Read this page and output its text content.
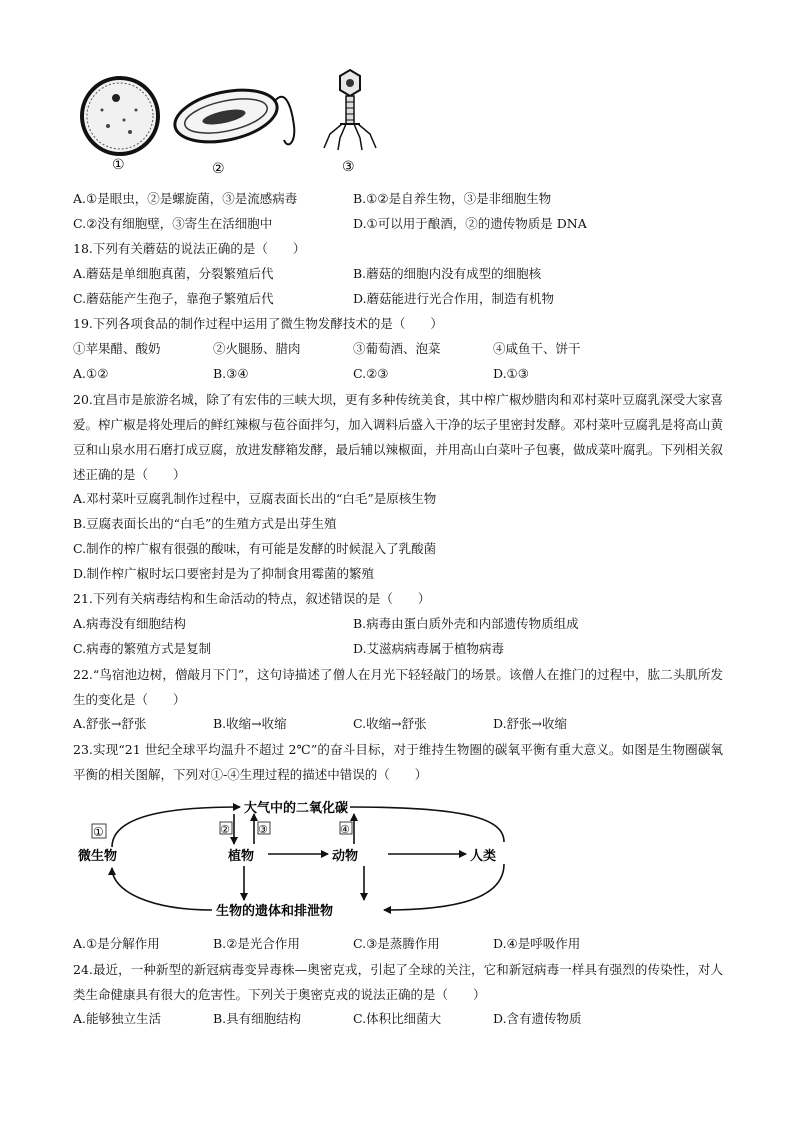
①	②	③
A.①是眼虫，②是螺旋菌，③是流感病毒	B.①②是自养生物，③是非细胞生物
C.②没有细胞壁，③寄生在活细胞中	D.①可以用于酿酒，②的遗传物质是 DNA
18.下列有关蘑菇的说法正确的是（　　）
A.蘑菇是单细胞真菌，分裂繁殖后代	B.蘑菇的细胞内没有成型的细胞核
C.蘑菇能产生孢子，靠孢子繁殖后代	D.蘑菇能进行光合作用，制造有机物
19.下列各项食品的制作过程中运用了微生物发酵技术的是（　　）
①苹果醋、酸奶	②火腿肠、腊肉	③葡萄酒、泡菜	④咸鱼干、饼干
A.①②	B.③④	C.②③	D.①③
20.宜昌市是旅游名城，除了有宏伟的三峡大坝，更有多种传统美食，其中榨广椒炒腊肉和邓村菜叶豆腐乳深受大家喜爱。榨广椒是将处理后的鲜红辣椒与苞谷面拌匀，加入调料后盛入干净的坛子里密封发酵。邓村菜叶豆腐乳是将高山黄豆和山泉水用石磨打成豆腐，放进发酵箱发酵，最后辅以辣椒面，并用高山白菜叶子包裹，做成菜叶腐乳。下列相关叙述正确的是（　　）
A.邓村菜叶豆腐乳制作过程中，豆腐表面长出的“白毛”是原核生物
B.豆腐表面长出的“白毛”的生殖方式是出芽生殖
C.制作的榨广椒有很强的酸味，有可能是发酵的时候混入了乳酸菌
D.制作榨广椒时坛口要密封是为了抑制食用霉菌的繁殖
21.下列有关病毒结构和生命活动的特点，叙述错误的是（　　）
A.病毒没有细胞结构	B.病毒由蛋白质外壳和内部遗传物质组成
C.病毒的繁殖方式是复制	D.艾滋病病毒属于植物病毒
22.“鸟宿池边树，僧敲月下门”，这句诗描述了僧人在月光下轻轻敲门的场景。该僧人在推门的过程中，肱二头肌所发生的变化是（　　）
A.舒张→舒张	B.收缩→收缩	C.收缩→舒张	D.舒张→收缩
23.实现“21 世纪全球平均温升不超过 2℃”的奋斗目标，对于维持生物圈的碳氧平衡有重大意义。如图是生物圈碳氧平衡的相关图解，下列对①-④生理过程的描述中错误的（　　）
①	②	③	④
大气中的二氧化碳
微生物	植物	动物	人类
生物的遗体和排泄物
A.①是分解作用	B.②是光合作用	C.③是蒸腾作用	D.④是呼吸作用
24.最近，一种新型的新冠病毒变异毒株—奥密克戎，引起了全球的关注，它和新冠病毒一样具有强烈的传染性，对人类生命健康具有很大的危害性。下列关于奥密克戎的说法正确的是（　　）
A.能够独立生活	B.具有细胞结构	C.体积比细菌大	D.含有遗传物质
